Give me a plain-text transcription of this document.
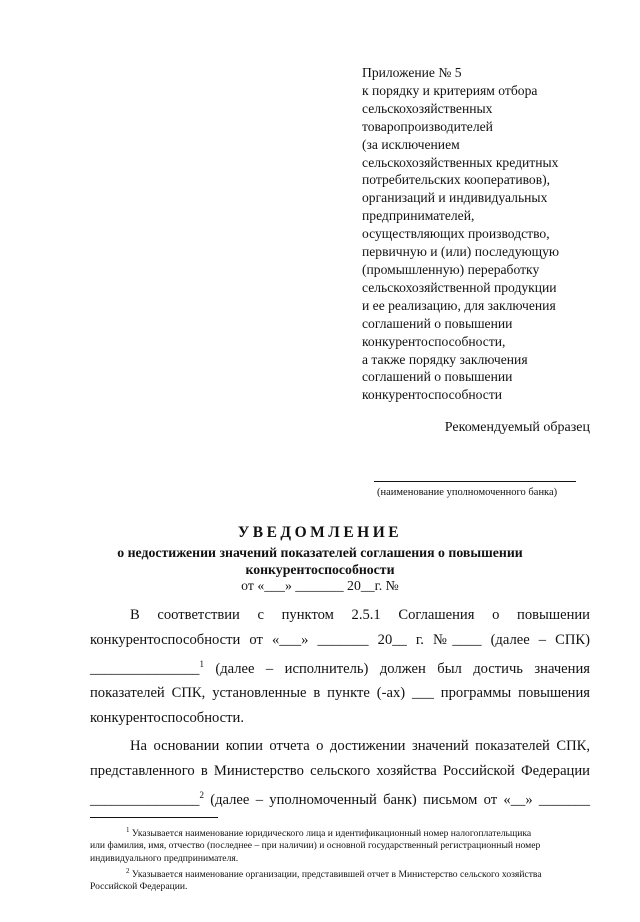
Приложение № 5
к порядку и критериям отбора
сельскохозяйственных
товаропроизводителей
(за исключением
сельскохозяйственных кредитных
потребительских кооперативов),
организаций и индивидуальных
предпринимателей,
осуществляющих производство,
первичную и (или) последующую
(промышленную) переработку
сельскохозяйственной продукции
и ее реализацию, для заключения
соглашений о повышении
конкурентоспособности,
а также порядку заключения
соглашений о повышении
конкурентоспособности
Рекомендуемый образец
(наименование уполномоченного банка)
УВЕДОМЛЕНИЕ
о недостижении значений показателей соглашения о повышении
конкурентоспособности
от «___» _______ 20__г. №
В соответствии с пунктом 2.5.1 Соглашения о повышении
конкурентоспособности от «___» _______ 20__ г. №____ (далее – СПК)
_______________$^1$ (далее – исполнитель) должен был достичь значения
показателей СПК, установленные в пункте (-ах) ___ программы повышения
конкурентоспособности.
На основании копии отчета о достижении значений показателей СПК,
представленного в Министерство сельского хозяйства Российской Федерации
_______________$^2$ (далее – уполномоченный банк) письмом от «__» _______
$^1$ Указывается наименование юридического лица и идентификационный номер налогоплательщика
или фамилия, имя, отчество (последнее – при наличии) и основной государственный регистрационный номер
индивидуального предпринимателя.
$^2$ Указывается наименование организации, представившей отчет в Министерство сельского хозяйства
Российской Федерации.
